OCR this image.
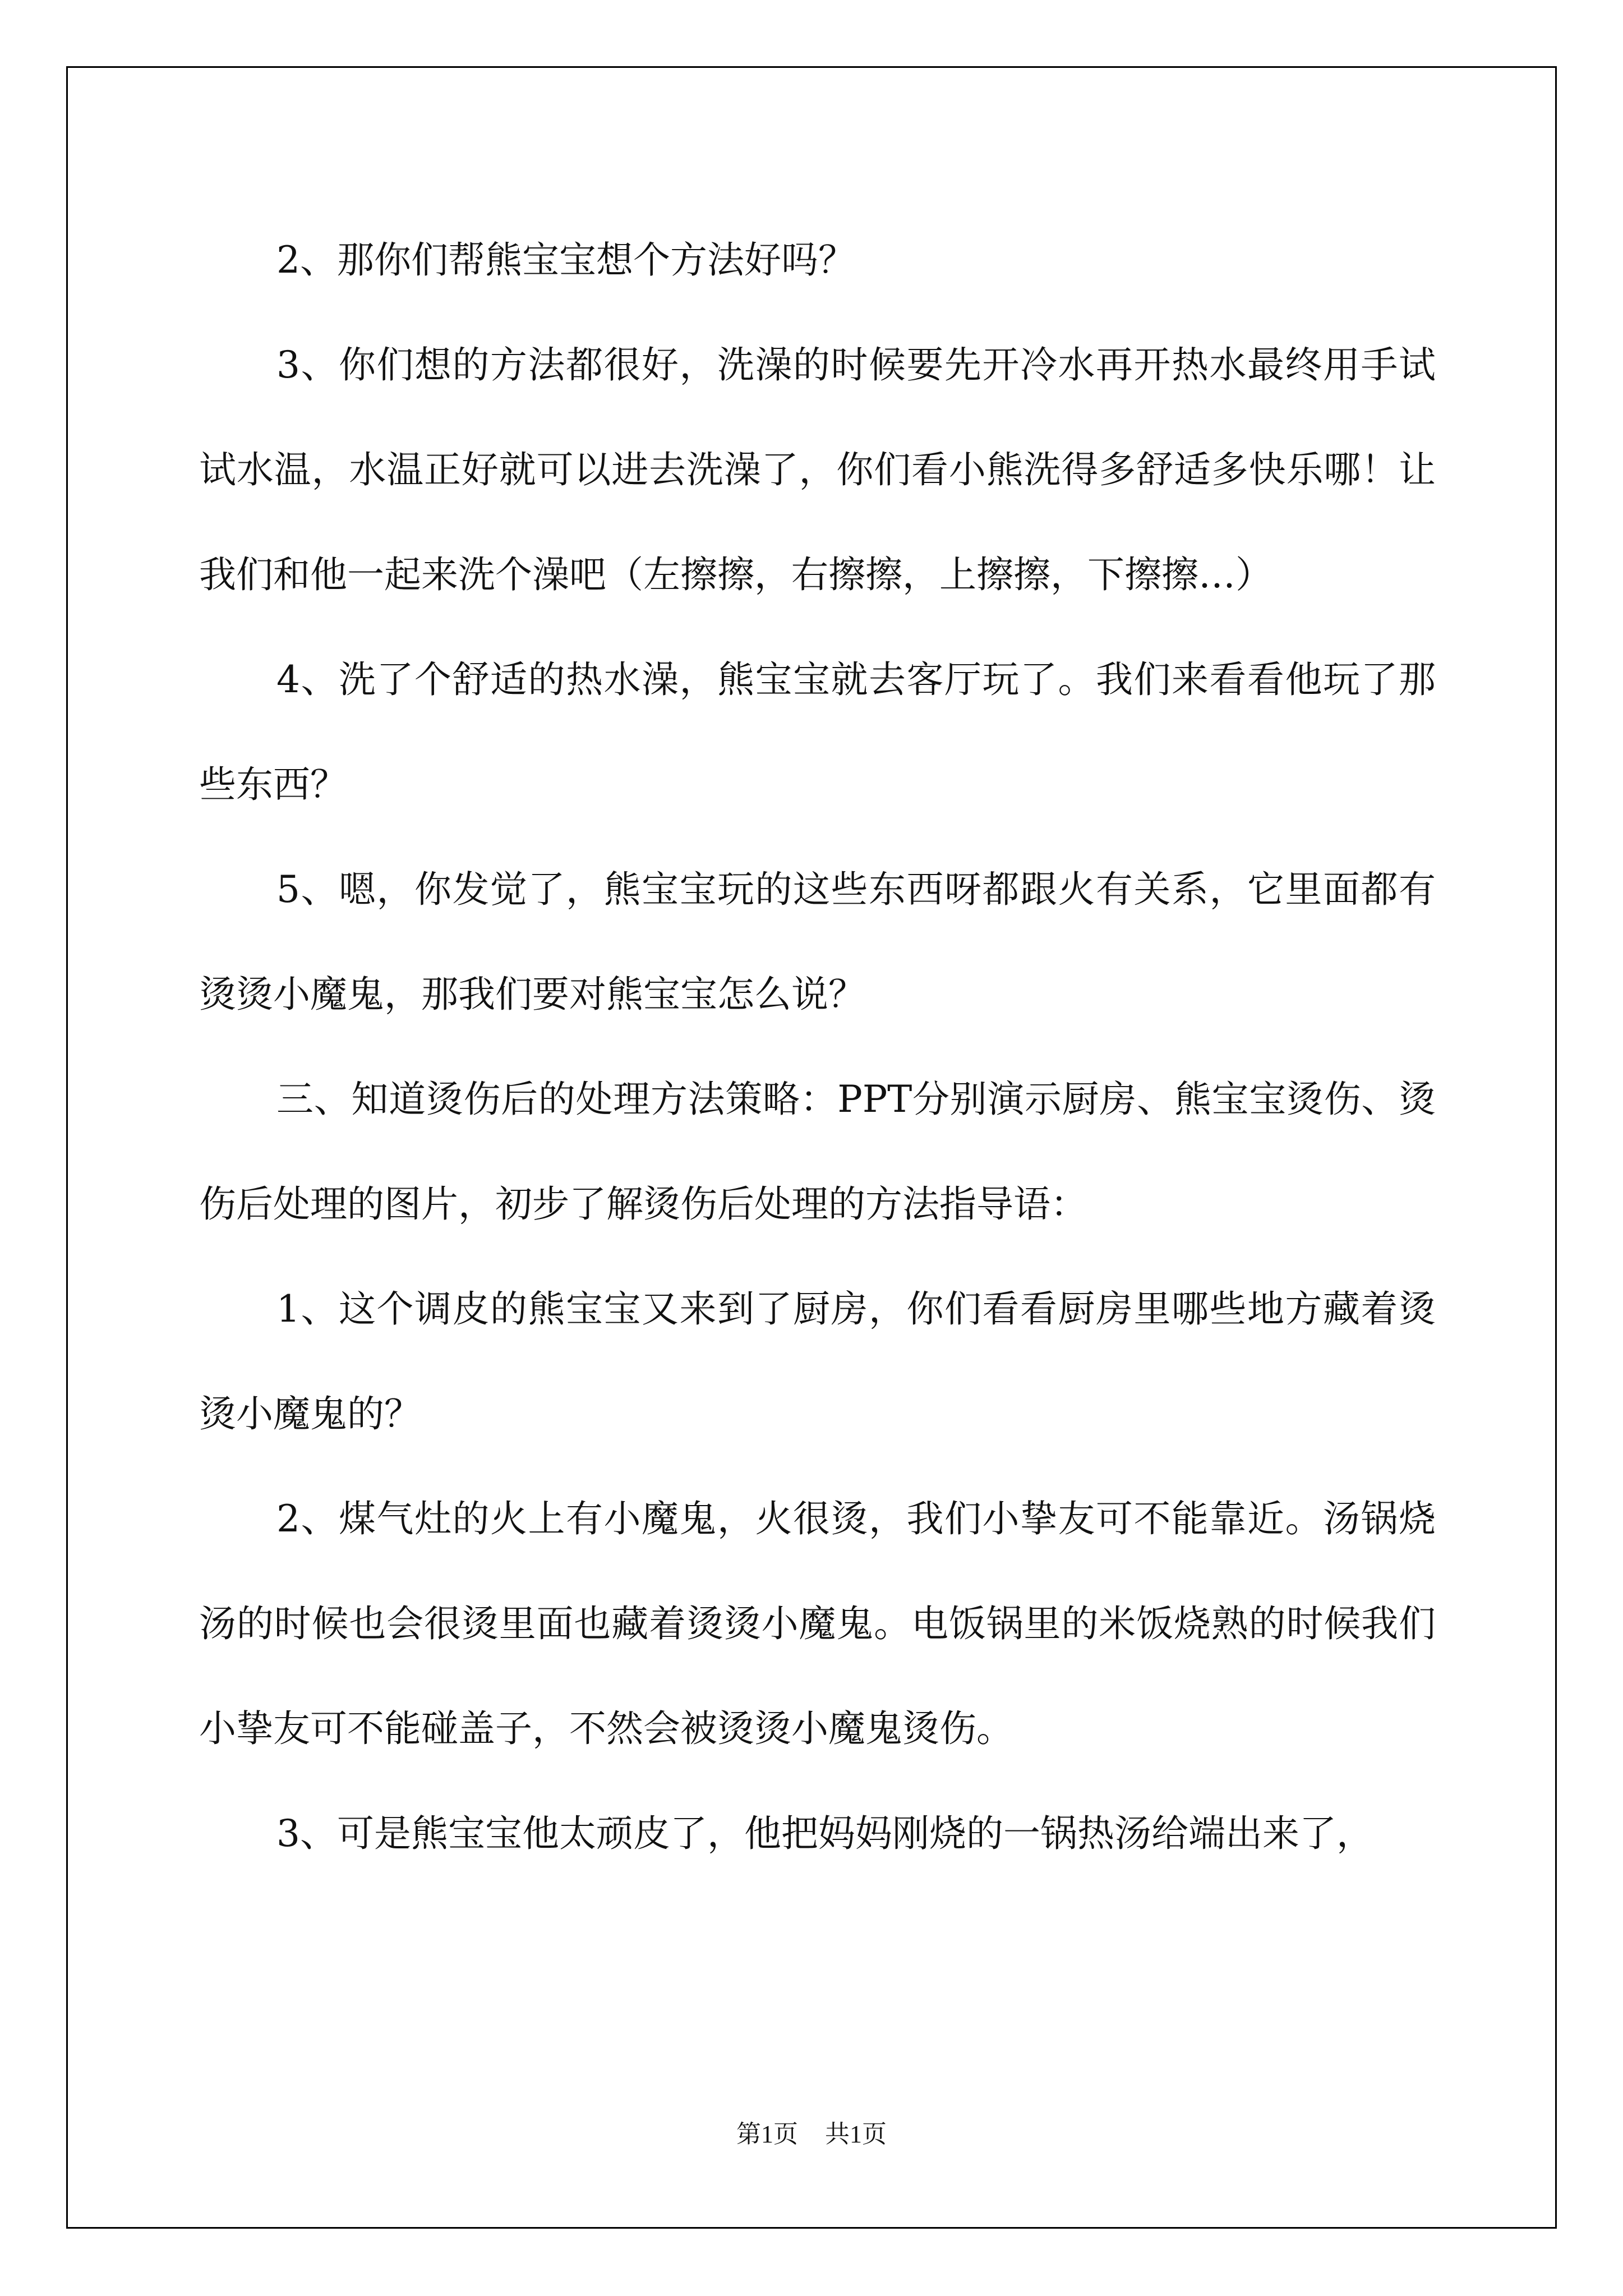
2、那你们帮熊宝宝想个方法好吗？

3、你们想的方法都很好，洗澡的时候要先开冷水再开热水最终用手试试水温，水温正好就可以进去洗澡了，你们看小熊洗得多舒适多快乐哪！让我们和他一起来洗个澡吧（左擦擦，右擦擦，上擦擦，下擦擦…）

4、洗了个舒适的热水澡，熊宝宝就去客厅玩了。我们来看看他玩了那些东西？

5、嗯，你发觉了，熊宝宝玩的这些东西呀都跟火有关系，它里面都有烫烫小魔鬼，那我们要对熊宝宝怎么说？

三、知道烫伤后的处理方法策略：PPT分别演示厨房、熊宝宝烫伤、烫伤后处理的图片，初步了解烫伤后处理的方法指导语：

1、这个调皮的熊宝宝又来到了厨房，你们看看厨房里哪些地方藏着烫烫小魔鬼的？

2、煤气灶的火上有小魔鬼，火很烫，我们小挚友可不能靠近。汤锅烧汤的时候也会很烫里面也藏着烫烫小魔鬼。电饭锅里的米饭烧熟的时候我们小挚友可不能碰盖子，不然会被烫烫小魔鬼烫伤。

3、可是熊宝宝他太顽皮了，他把妈妈刚烧的一锅热汤给端出来了，

第1页 共1页
